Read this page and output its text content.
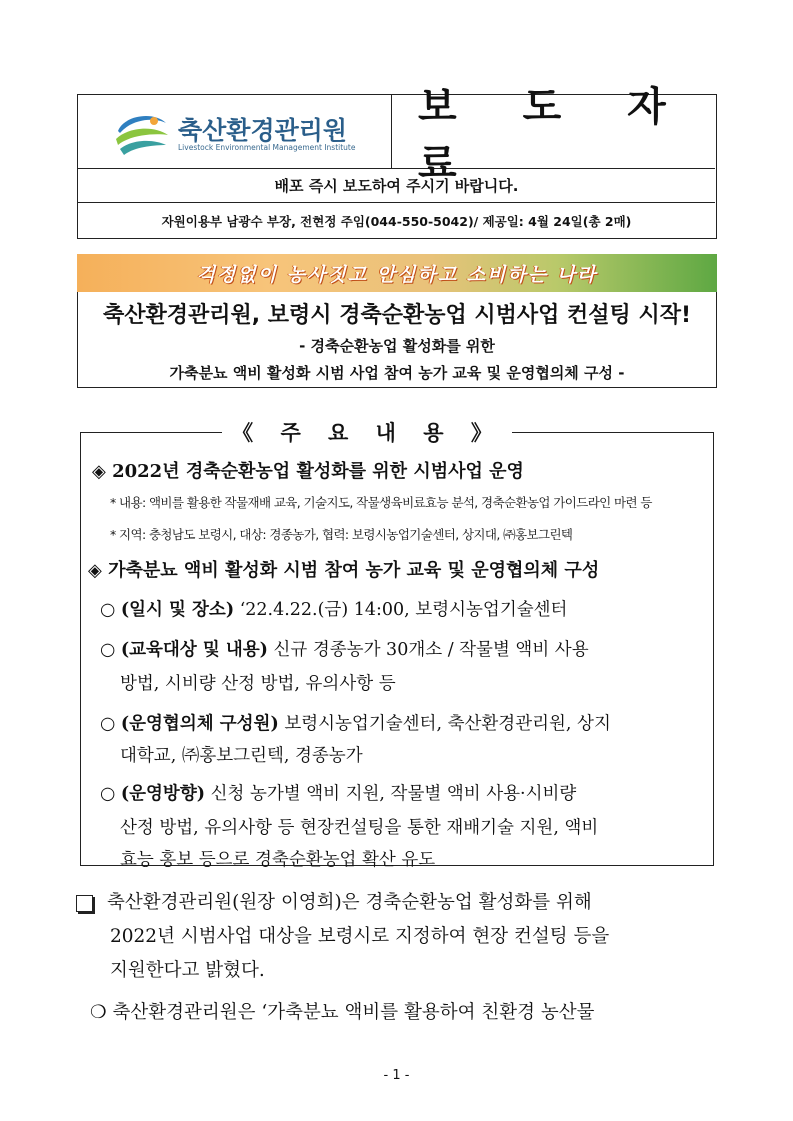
축산환경관리원
Livestock Environmental Management Institute
보 도 자 료
배포 즉시 보도하여 주시기 바랍니다.
자원이용부 남광수 부장, 전현정 주임(044-550-5042)/ 제공일: 4월 24일(총 2매)
걱정없이 농사짓고 안심하고 소비하는 나라
축산환경관리원, 보령시 경축순환농업 시범사업 컨설팅 시작!
- 경축순환농업 활성화를 위한
가축분뇨 액비 활성화 시범 사업 참여 농가 교육 및 운영협의체 구성 -
《 주 요 내 용 》
◈ 2022년 경축순환농업 활성화를 위한 시범사업 운영
* 내용: 액비를 활용한 작물재배 교육, 기술지도, 작물생육비료효능 분석, 경축순환농업 가이드라인 마련 등
* 지역: 충청남도 보령시, 대상: 경종농가, 협력: 보령시농업기술센터, 상지대, ㈜홍보그린텍
◈ 가축분뇨 액비 활성화 시범 참여 농가 교육 및 운영협의체 구성
○ (일시 및 장소) ‘22.4.22.(금) 14:00, 보령시농업기술센터
○ (교육대상 및 내용) 신규 경종농가 30개소 / 작물별 액비 사용
방법, 시비량 산정 방법, 유의사항 등
○ (운영협의체 구성원) 보령시농업기술센터, 축산환경관리원, 상지
대학교, ㈜홍보그린텍, 경종농가
○ (운영방향) 신청 농가별 액비 지원, 작물별 액비 사용·시비량
산정 방법, 유의사항 등 현장컨설팅을 통한 재배기술 지원, 액비
효능 홍보 등으로 경축순환농업 확산 유도
축산환경관리원(원장 이영희)은 경축순환농업 활성화를 위해
2022년 시범사업 대상을 보령시로 지정하여 현장 컨설팅 등을
지원한다고 밝혔다.
❍ 축산환경관리원은 ‘가축분뇨 액비를 활용하여 친환경 농산물
- 1 -
